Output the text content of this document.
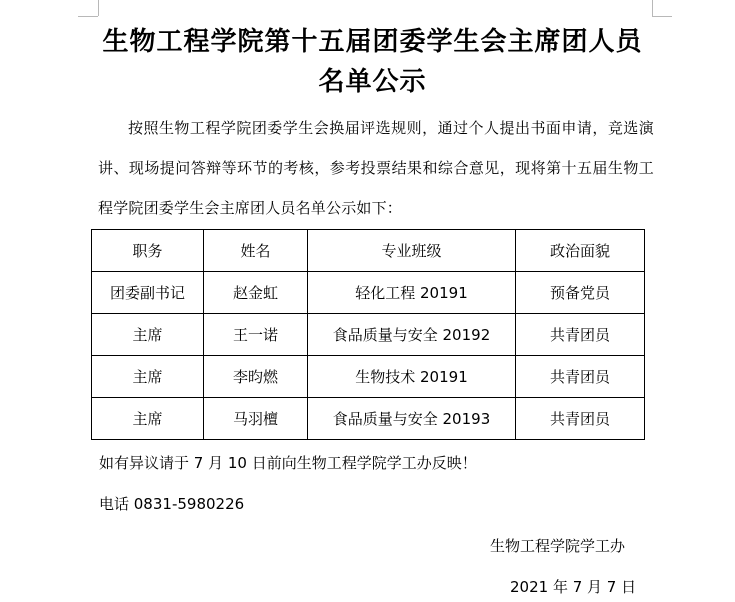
生物工程学院第十五届团委学生会主席团人员名单公示
按照生物工程学院团委学生会换届评选规则，通过个人提出书面申请，竞选演讲、现场提问答辩等环节的考核，参考投票结果和综合意见，现将第十五届生物工程学院团委学生会主席团人员名单公示如下：
职务	姓名	专业班级	政治面貌
团委副书记	赵金虹	轻化工程 20191	预备党员
主席	王一诺	食品质量与安全 20192	共青团员
主席	李昀燃	生物技术 20191	共青团员
主席	马羽檀	食品质量与安全 20193	共青团员
如有异议请于 7 月 10 日前向生物工程学院学工办反映！
电话 0831-5980226
生物工程学院学工办
2021 年 7 月 7 日
